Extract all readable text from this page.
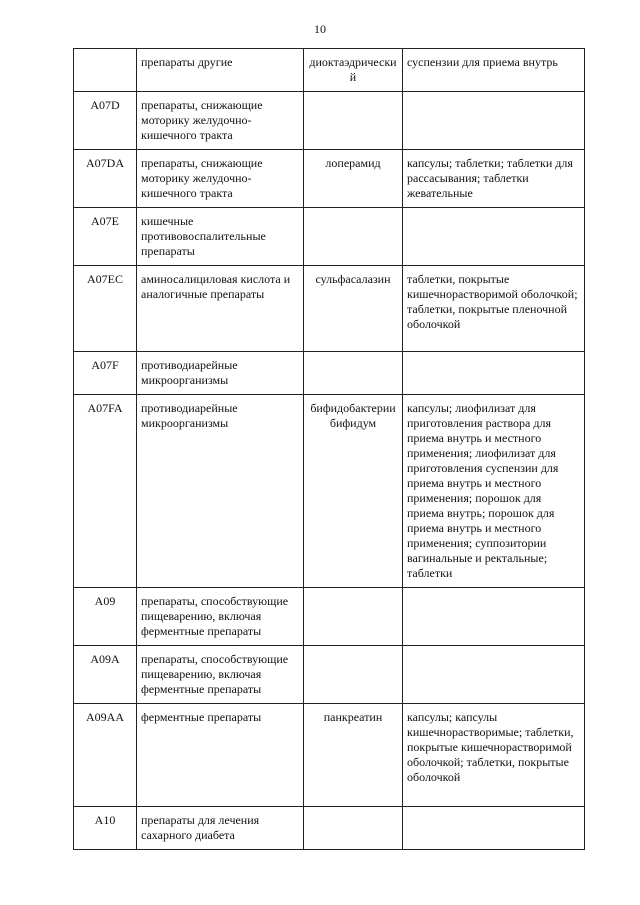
10
	препараты другие	диоктаэдрический	суспензии для приема внутрь
A07D	препараты, снижающие моторику желудочно-кишечного тракта		
A07DA	препараты, снижающие моторику желудочно-кишечного тракта	лоперамид	капсулы; таблетки; таблетки для рассасывания; таблетки жевательные
A07E	кишечные противовоспалительные препараты		
A07EC	аминосалициловая кислота и аналогичные препараты	сульфасалазин	таблетки, покрытые кишечнорастворимой оболочкой; таблетки, покрытые пленочной оболочкой
A07F	противодиарейные микроорганизмы		
A07FA	противодиарейные микроорганизмы	бифидобактерии бифидум	капсулы; лиофилизат для приготовления раствора для приема внутрь и местного применения; лиофилизат для приготовления суспензии для приема внутрь и местного применения; порошок для приема внутрь; порошок для приема внутрь и местного применения; суппозитории вагинальные и ректальные; таблетки
A09	препараты, способствующие пищеварению, включая ферментные препараты		
A09A	препараты, способствующие пищеварению, включая ферментные препараты		
A09AA	ферментные препараты	панкреатин	капсулы; капсулы кишечнорастворимые; таблетки, покрытые кишечнорастворимой оболочкой; таблетки, покрытые оболочкой
A10	препараты для лечения сахарного диабета		
